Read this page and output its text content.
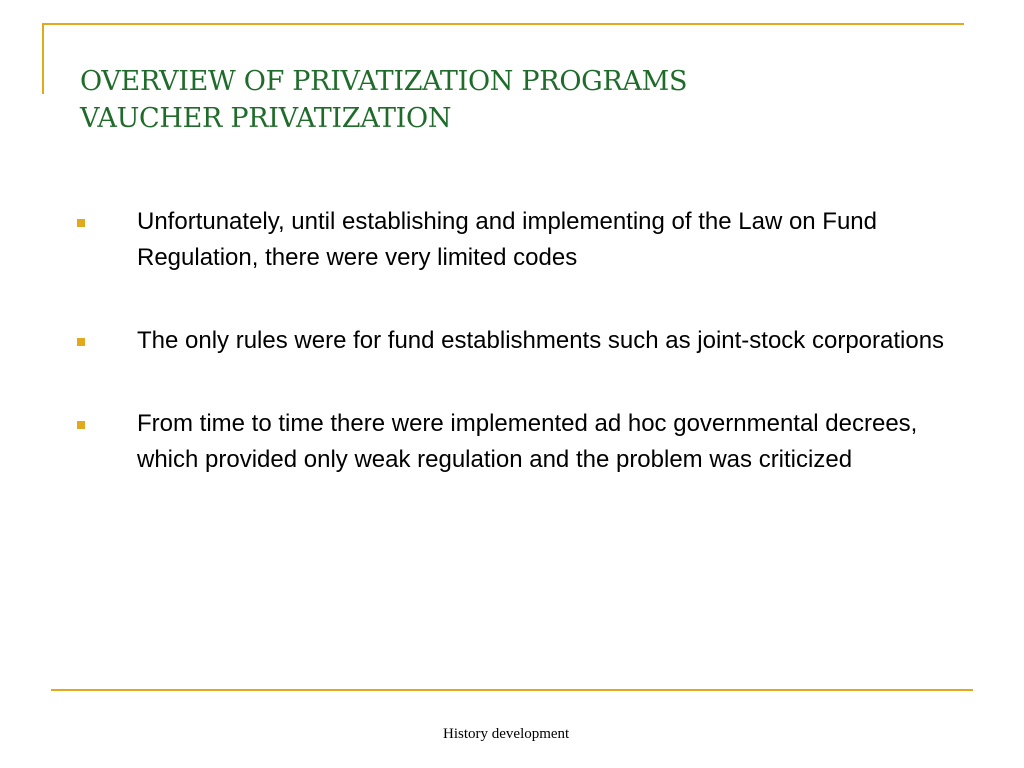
OVERVIEW OF PRIVATIZATION PROGRAMS
VAUCHER PRIVATIZATION
Unfortunately, until establishing and implementing of the Law on Fund Regulation, there were very limited codes
The only rules were for fund establishments such as joint-stock corporations
From time to time there were implemented ad hoc governmental decrees, which provided only weak regulation and the problem was criticized
History development
